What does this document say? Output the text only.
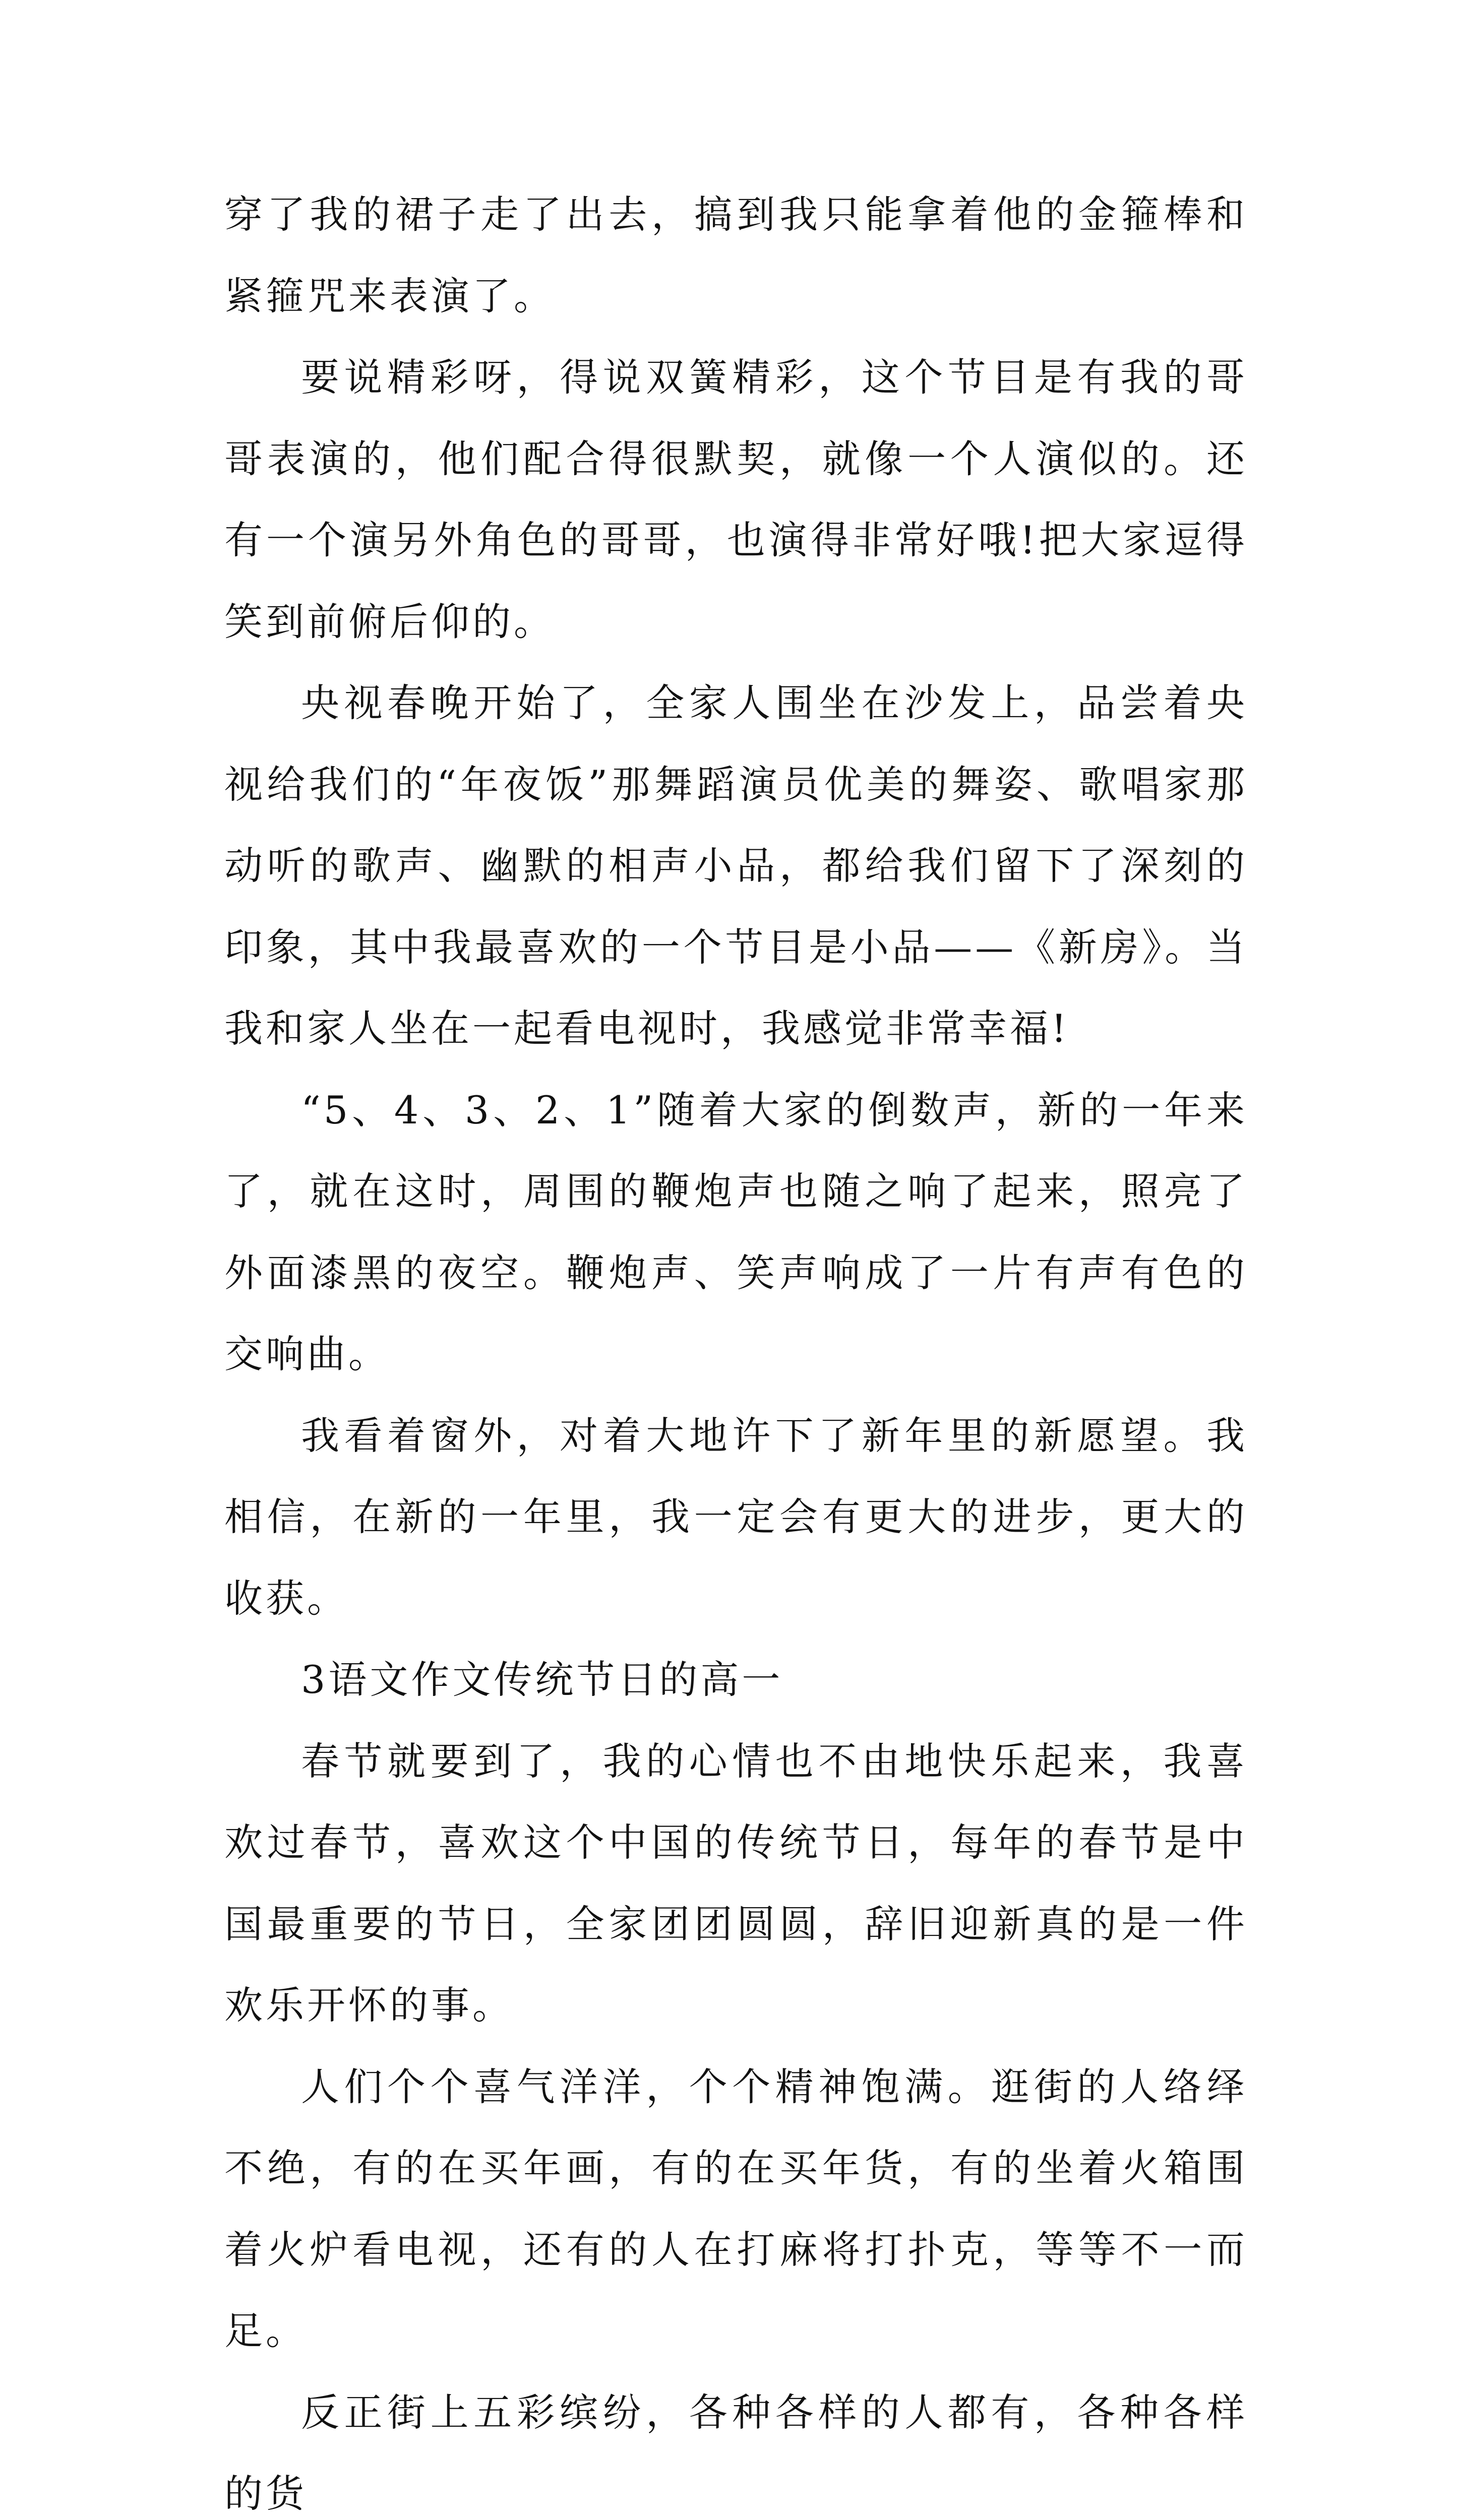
穿了我的裙子走了出去，搞到我只能拿着他的金箍棒和紧箍咒来表演了。

要说精彩呀，得说双簧精彩，这个节目是有我的哥哥表演的，他们配合得很默契，就像一个人演似的。还有一个演另外角色的哥哥，也演得非常好哦!把大家逗得笑到前俯后仰的。

央视春晚开始了，全家人围坐在沙发上，品尝着央视给我们的“年夜饭”那舞蹈演员优美的舞姿、歌唱家那动听的歌声、幽默的相声小品，都给我们留下了深刻的印象，其中我最喜欢的一个节目是小品——《新房》。当我和家人坐在一起看电视时，我感觉非常幸福!

“5、4、3、2、1”随着大家的倒数声，新的一年来了，就在这时，周围的鞭炮声也随之响了起来，照亮了外面漆黑的夜空。鞭炮声、笑声响成了一片有声有色的交响曲。

我看着窗外，对着大地许下了新年里的新愿望。我相信，在新的一年里，我一定会有更大的进步，更大的收获。

3语文作文传统节日的高一

春节就要到了，我的心情也不由地快乐起来，我喜欢过春节，喜欢这个中国的传统节日，每年的春节是中国最重要的节日，全家团团圆圆，辞旧迎新真的是一件欢乐开怀的事。

人们个个喜气洋洋，个个精神饱满。逛街的人络绎不绝，有的在买年画，有的在买年货，有的坐着火箱围着火炉看电视，还有的人在打麻将打扑克，等等不一而足。

反正街上五彩缤纷，各种各样的人都有，各种各样的货
